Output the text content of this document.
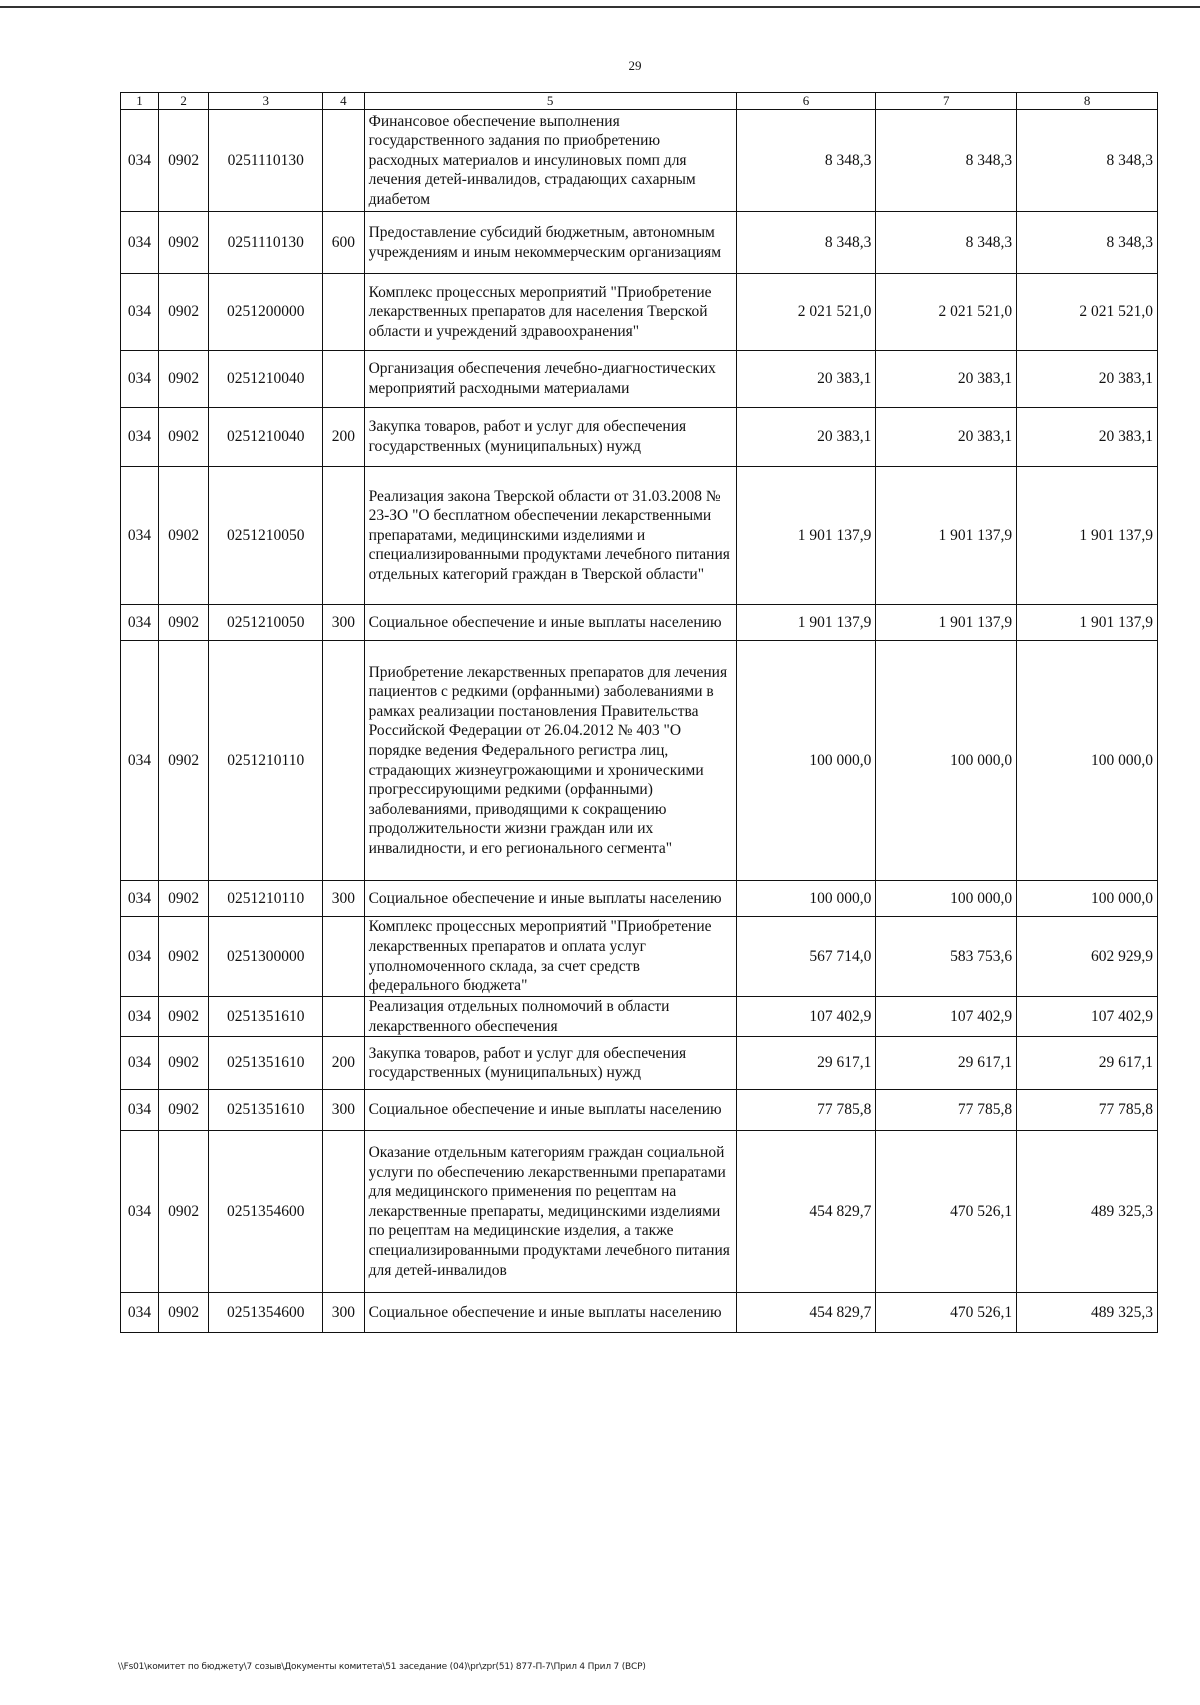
29
1	2	3	4	5	6	7	8
034	0902	0251110130		Финансовое обеспечение выполнения государственного задания по приобретению расходных материалов и инсулиновых помп для лечения детей-инвалидов, страдающих сахарным диабетом	8 348,3	8 348,3	8 348,3
034	0902	0251110130	600	Предоставление субсидий бюджетным, автономным учреждениям и иным некоммерческим организациям	8 348,3	8 348,3	8 348,3
034	0902	0251200000		Комплекс процессных мероприятий "Приобретение лекарственных препаратов для населения Тверской области и учреждений здравоохранения"	2 021 521,0	2 021 521,0	2 021 521,0
034	0902	0251210040		Организация обеспечения лечебно-диагностических мероприятий расходными материалами	20 383,1	20 383,1	20 383,1
034	0902	0251210040	200	Закупка товаров, работ и услуг для обеспечения государственных (муниципальных) нужд	20 383,1	20 383,1	20 383,1
034	0902	0251210050		Реализация закона Тверской области от 31.03.2008 № 23-ЗО "О бесплатном обеспечении лекарственными препаратами, медицинскими изделиями и специализированными продуктами лечебного питания отдельных категорий граждан в Тверской области"	1 901 137,9	1 901 137,9	1 901 137,9
034	0902	0251210050	300	Социальное обеспечение и иные выплаты населению	1 901 137,9	1 901 137,9	1 901 137,9
034	0902	0251210110		Приобретение лекарственных препаратов для лечения пациентов с редкими (орфанными) заболеваниями в рамках реализации постановления Правительства Российской Федерации от 26.04.2012 № 403 "О порядке ведения Федерального регистра лиц, страдающих жизнеугрожающими и хроническими прогрессирующими редкими (орфанными) заболеваниями, приводящими к сокращению продолжительности жизни граждан или их инвалидности, и его регионального сегмента"	100 000,0	100 000,0	100 000,0
034	0902	0251210110	300	Социальное обеспечение и иные выплаты населению	100 000,0	100 000,0	100 000,0
034	0902	0251300000		Комплекс процессных мероприятий "Приобретение лекарственных препаратов и оплата услуг уполномоченного склада, за счет средств федерального бюджета"	567 714,0	583 753,6	602 929,9
034	0902	0251351610		Реализация отдельных полномочий в области лекарственного обеспечения	107 402,9	107 402,9	107 402,9
034	0902	0251351610	200	Закупка товаров, работ и услуг для обеспечения государственных (муниципальных) нужд	29 617,1	29 617,1	29 617,1
034	0902	0251351610	300	Социальное обеспечение и иные выплаты населению	77 785,8	77 785,8	77 785,8
034	0902	0251354600		Оказание отдельным категориям граждан социальной услуги по обеспечению лекарственными препаратами для медицинского применения по рецептам на лекарственные препараты, медицинскими изделиями по рецептам на медицинские изделия, а также специализированными продуктами лечебного питания для детей-инвалидов	454 829,7	470 526,1	489 325,3
034	0902	0251354600	300	Социальное обеспечение и иные выплаты населению	454 829,7	470 526,1	489 325,3
\\Fs01\комитет по бюджету\7 созыв\Документы комитета\51 заседание (04)\pr\zpr(51) 877-П-7\Прил 4 Прил 7 (ВСР)
